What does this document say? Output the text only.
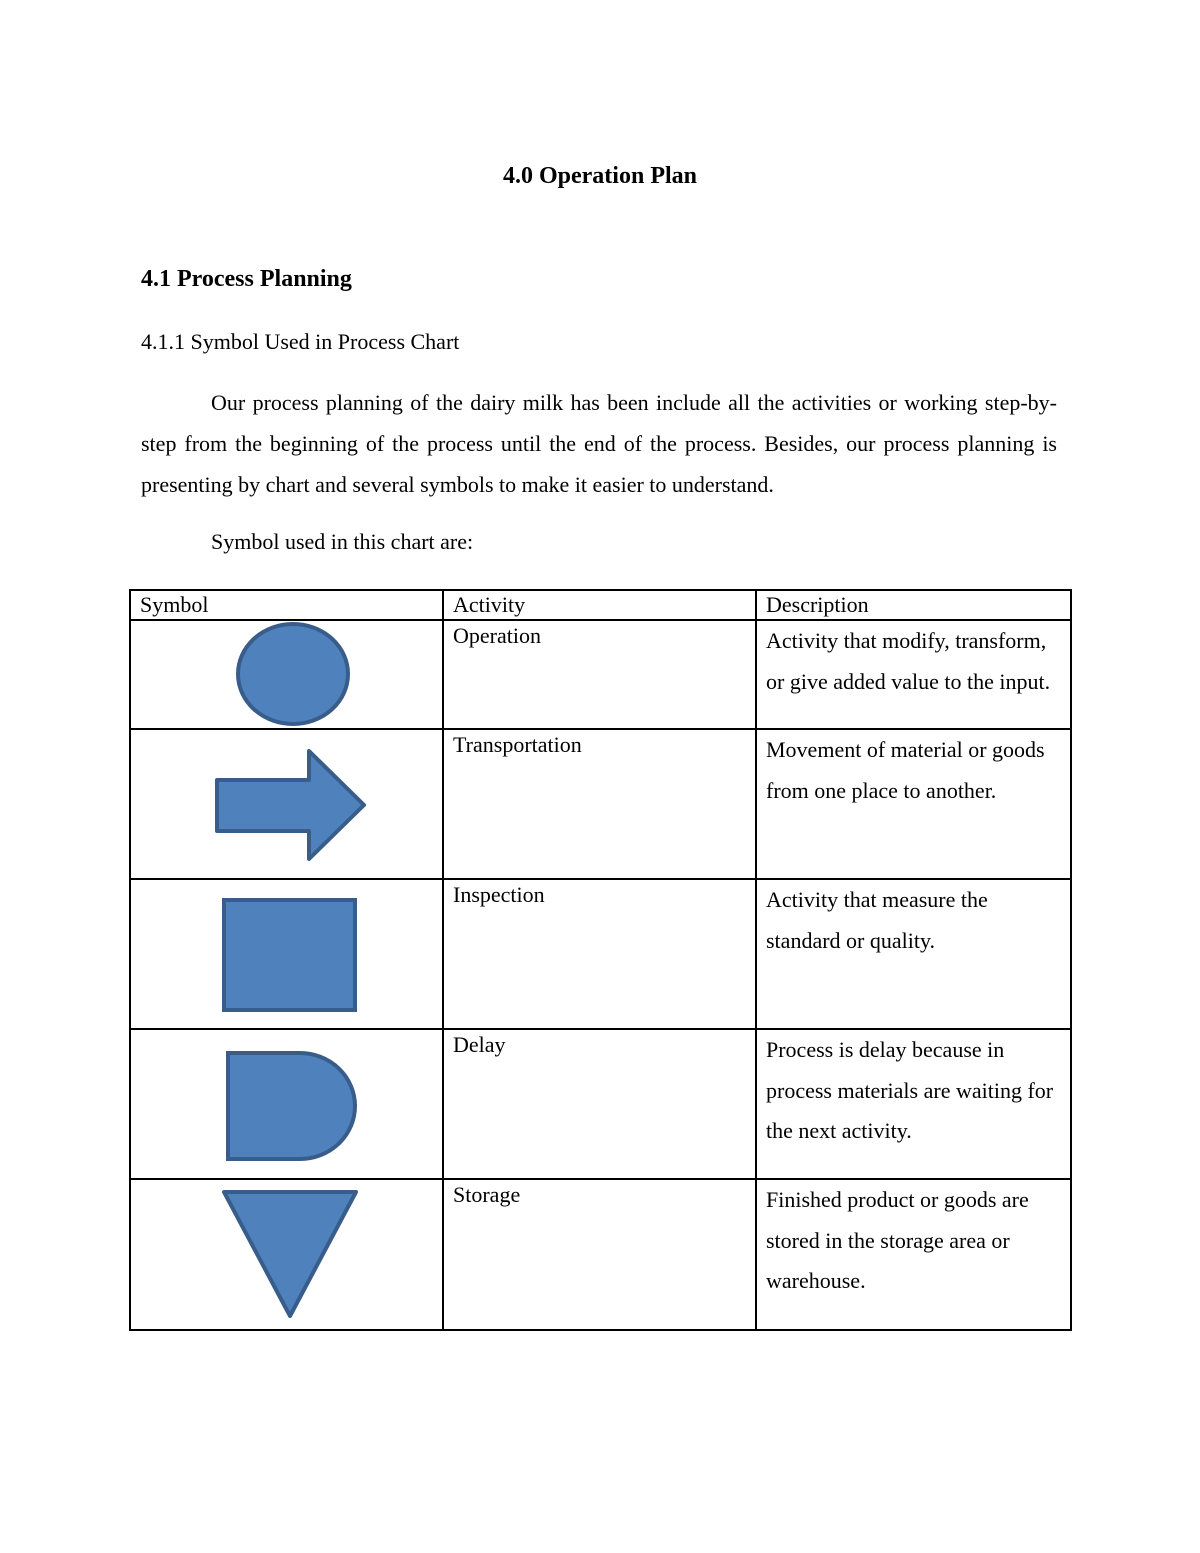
4.0 Operation Plan
4.1 Process Planning
4.1.1 Symbol Used in Process Chart

Our process planning of the dairy milk has been include all the activities or working step-by-step from the beginning of the process until the end of the process. Besides, our process planning is presenting by chart and several symbols to make it easier to understand.

Symbol used in this chart are:
Symbol	Activity	Description

	Operation	Activity that modify, transform, or give added value to the input.

	Transportation	Movement of material or goods from one place to another.

	Inspection	Activity that measure the standard or quality.

	Delay	Process is delay because in process materials are waiting for the next activity.

	Storage	Finished product or goods are stored in the storage area or warehouse.
